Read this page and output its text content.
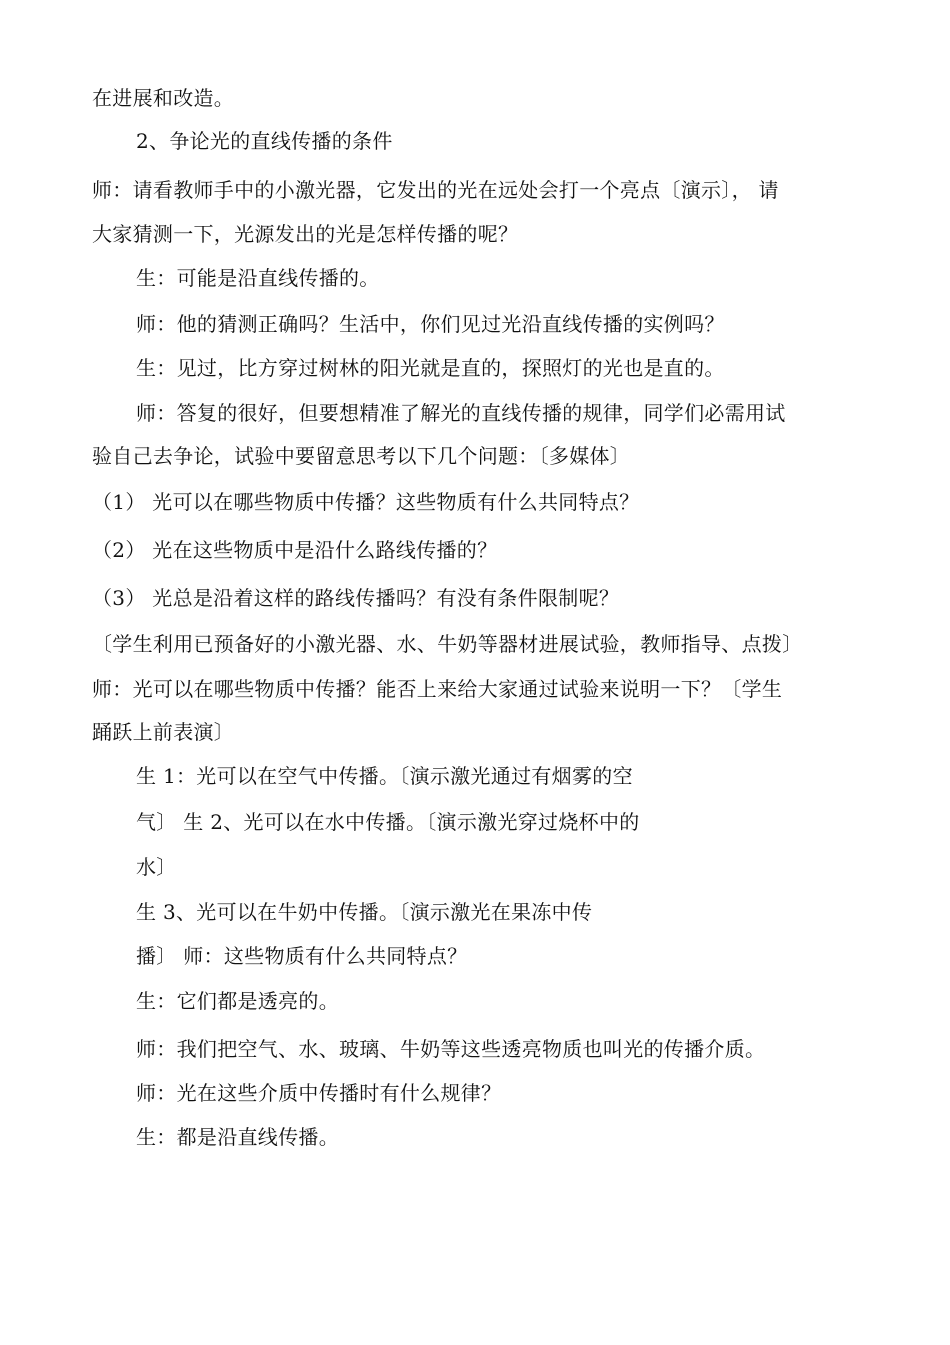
在进展和改造。
2、争论光的直线传播的条件
师：请看教师手中的小激光器，它发出的光在远处会打一个亮点〔演示〕， 请
大家猜测一下，光源发出的光是怎样传播的呢？
生：可能是沿直线传播的。
师：他的猜测正确吗？生活中，你们见过光沿直线传播的实例吗？
生：见过，比方穿过树林的阳光就是直的，探照灯的光也是直的。
师：答复的很好，但要想精准了解光的直线传播的规律，同学们必需用试
验自己去争论，试验中要留意思考以下几个问题：〔多媒体〕
（1） 光可以在哪些物质中传播？这些物质有什么共同特点？
（2） 光在这些物质中是沿什么路线传播的？
（3） 光总是沿着这样的路线传播吗？有没有条件限制呢？
〔学生利用已预备好的小激光器、水、牛奶等器材进展试验，教师指导、点拨〕
师：光可以在哪些物质中传播？能否上来给大家通过试验来说明一下？〔学生
踊跃上前表演〕
生 1：光可以在空气中传播。〔演示激光通过有烟雾的空
气〕 生 2、光可以在水中传播。〔演示激光穿过烧杯中的
水〕
生 3、光可以在牛奶中传播。〔演示激光在果冻中传
播〕 师：这些物质有什么共同特点？
生：它们都是透亮的。
师：我们把空气、水、玻璃、牛奶等这些透亮物质也叫光的传播介质。
师：光在这些介质中传播时有什么规律？
生：都是沿直线传播。
